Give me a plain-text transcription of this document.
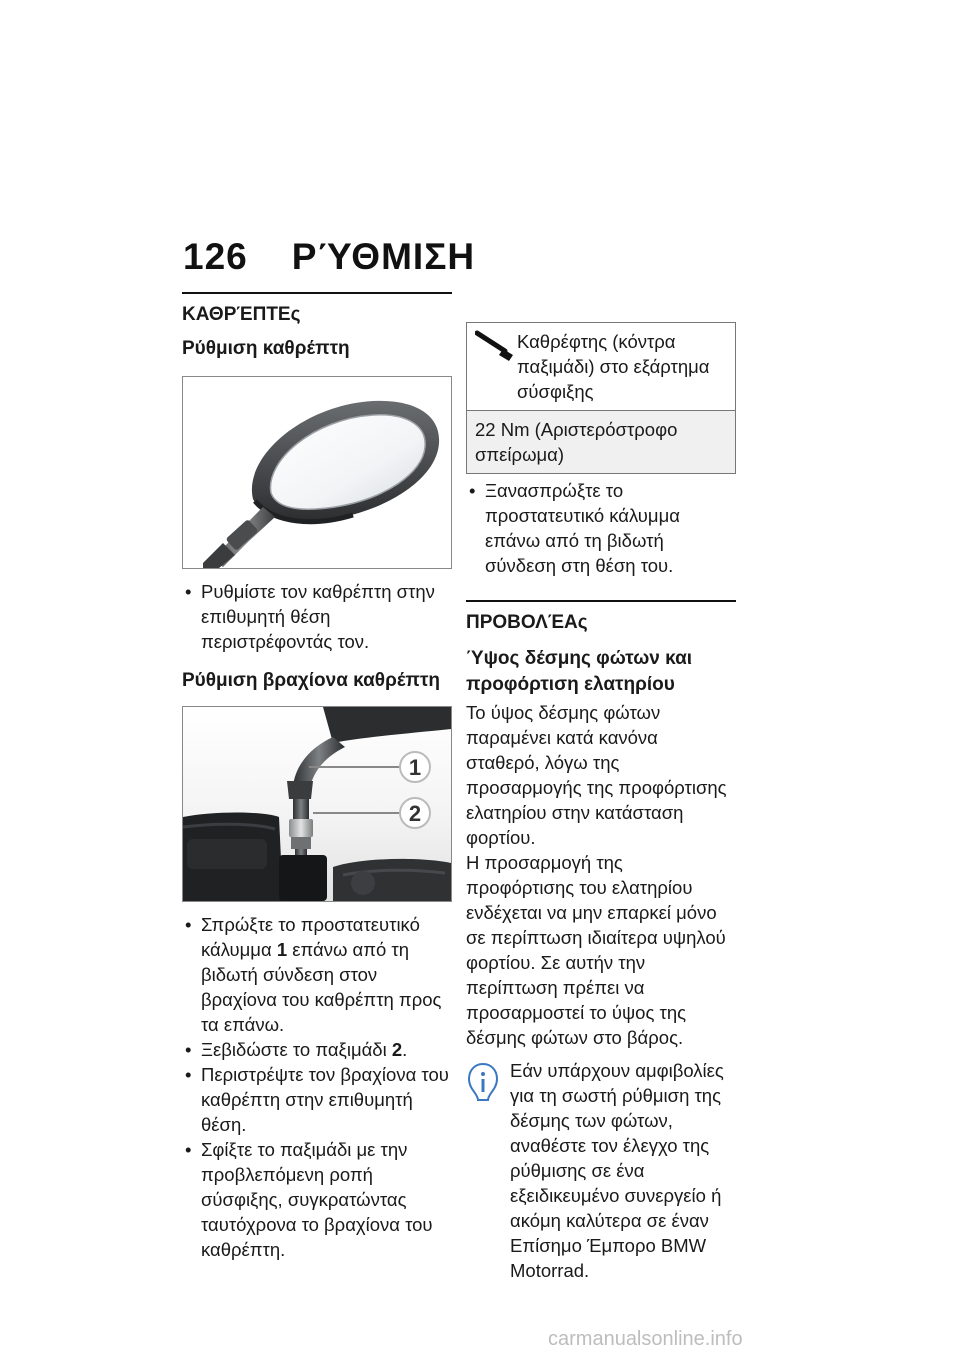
126 ΡΎΘΜΙΣΗ
ΚΑΘΡΈΠΤΕς
Ρύθμιση καθρέπτη
• Ρυθμίστε τον καθρέπτη στην επιθυμητή θέση περιστρέφοντάς τον.
Ρύθμιση βραχίονα καθρέπτη
1
2
• Σπρώξτε το προστατευτικό κάλυμμα 1 επάνω από τη βιδωτή σύνδεση στον βραχίονα του καθρέπτη προς τα επάνω.
• Ξεβιδώστε το παξιμάδι 2.
• Περιστρέψτε τον βραχίονα του καθρέπτη στην επιθυμητή θέση.
• Σφίξτε το παξιμάδι με την προβλεπόμενη ροπή σύσφιξης, συγκρατώντας ταυτόχρονα το βραχίονα του καθρέπτη.
Καθρέφτης (κόντρα παξιμάδι) στο εξάρτημα σύσφιξης
22 Nm (Αριστερόστροφο σπείρωμα)
• Ξανασπρώξτε το προστατευτικό κάλυμμα επάνω από τη βιδωτή σύνδεση στη θέση του.
ΠΡΟΒΟΛΈΑς
Ύψος δέσμης φώτων και προφόρτιση ελατηρίου
Το ύψος δέσμης φώτων παραμένει κατά κανόνα σταθερό, λόγω της προσαρμογής της προφόρτισης ελατηρίου στην κατάσταση φορτίου.
Η προσαρμογή της προφόρτισης του ελατηρίου ενδέχεται να μην επαρκεί μόνο σε περίπτωση ιδιαίτερα υψηλού φορτίου. Σε αυτήν την περίπτωση πρέπει να προσαρμοστεί το ύψος της δέσμης φώτων στο βάρος.
Εάν υπάρχουν αμφιβολίες για τη σωστή ρύθμιση της δέσμης των φώτων, αναθέστε τον έλεγχο της ρύθμισης σε ένα εξειδικευμένο συνεργείο ή ακόμη καλύτερα σε έναν Επίσημο Έμπορο BMW Motorrad.
carmanualsonline.info
